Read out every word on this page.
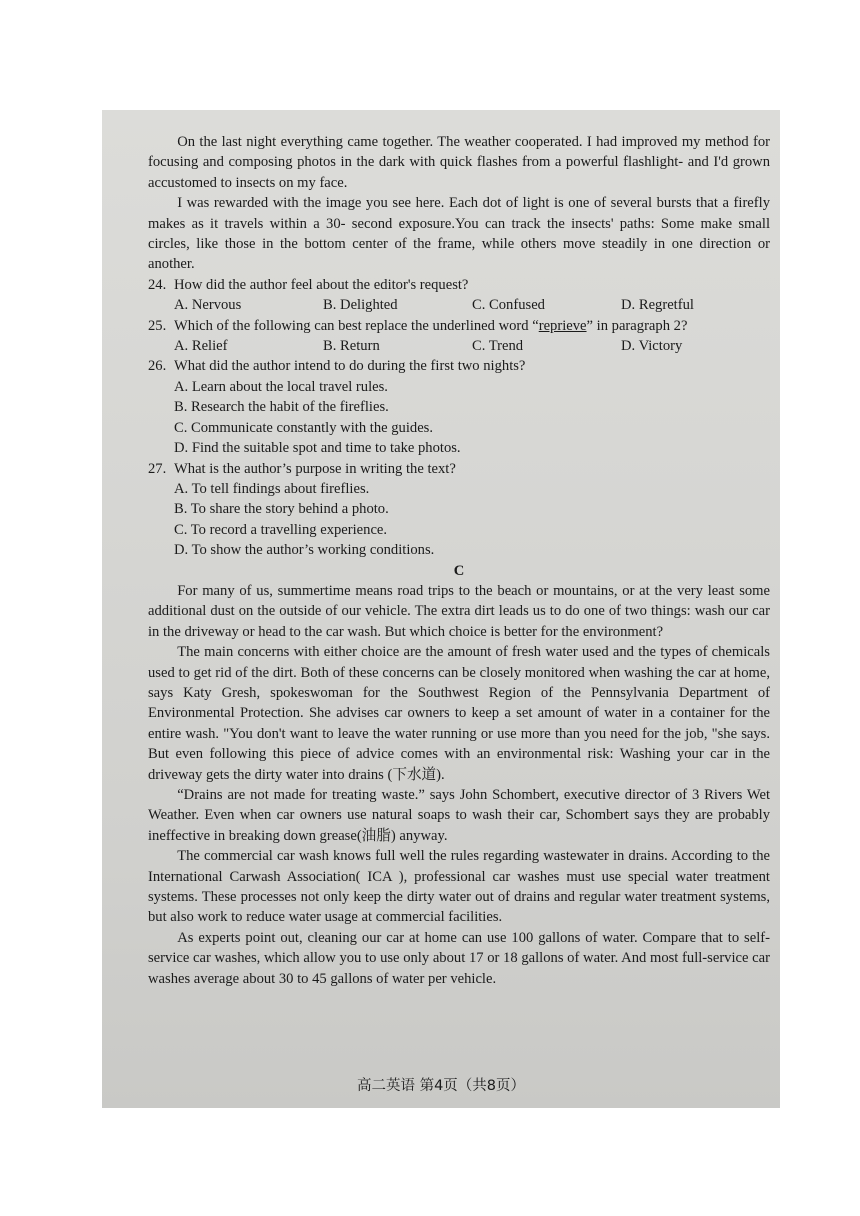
On the last night everything came together. The weather cooperated. I had improved my method for focusing and composing photos in the dark with quick flashes from a powerful flashlight- and I'd grown accustomed to insects on my face.

I was rewarded with the image you see here. Each dot of light is one of several bursts that a firefly makes as it travels within a 30- second exposure.You can track the insects' paths: Some make small circles, like those in the bottom center of the frame, while others move steadily in one direction or another.

24. How did the author feel about the editor's request?

A. Nervous	B. Delighted	C. Confused	D. Regretful

25. Which of the following can best replace the underlined word “reprieve” in paragraph 2?

A. Relief	B. Return	C. Trend	D. Victory

26. What did the author intend to do during the first two nights?

A. Learn about the local travel rules.
B. Research the habit of the fireflies.
C. Communicate constantly with the guides.
D. Find the suitable spot and time to take photos.

27. What is the author’s purpose in writing the text?

A. To tell findings about fireflies.
B. To share the story behind a photo.
C. To record a travelling experience.
D. To show the author’s working conditions.

C

For many of us, summertime means road trips to the beach or mountains, or at the very least some additional dust on the outside of our vehicle. The extra dirt leads us to do one of two things: wash our car in the driveway or head to the car wash. But which choice is better for the environment?

The main concerns with either choice are the amount of fresh water used and the types of chemicals used to get rid of the dirt. Both of these concerns can be closely monitored when washing the car at home, says Katy Gresh, spokeswoman for the Southwest Region of the Pennsylvania Department of Environmental Protection. She advises car owners to keep a set amount of water in a container for the entire wash. "You don't want to leave the water running or use more than you need for the job, "she says. But even following this piece of advice comes with an environmental risk: Washing your car in the driveway gets the dirty water into drains (下水道).

“Drains are not made for treating waste.” says John Schombert, executive director of 3 Rivers Wet Weather. Even when car owners use natural soaps to wash their car, Schombert says they are probably ineffective in breaking down grease(油脂) anyway.

The commercial car wash knows full well the rules regarding wastewater in drains. According to the International Carwash Association( ICA ), professional car washes must use special water treatment systems. These processes not only keep the dirty water out of drains and regular water treatment systems, but also work to reduce water usage at commercial facilities.

As experts point out, cleaning our car at home can use 100 gallons of water. Compare that to self-service car washes, which allow you to use only about 17 or 18 gallons of water. And most full-service car washes average about 30 to 45 gallons of water per vehicle.

高二英语 第4页（共8页）
